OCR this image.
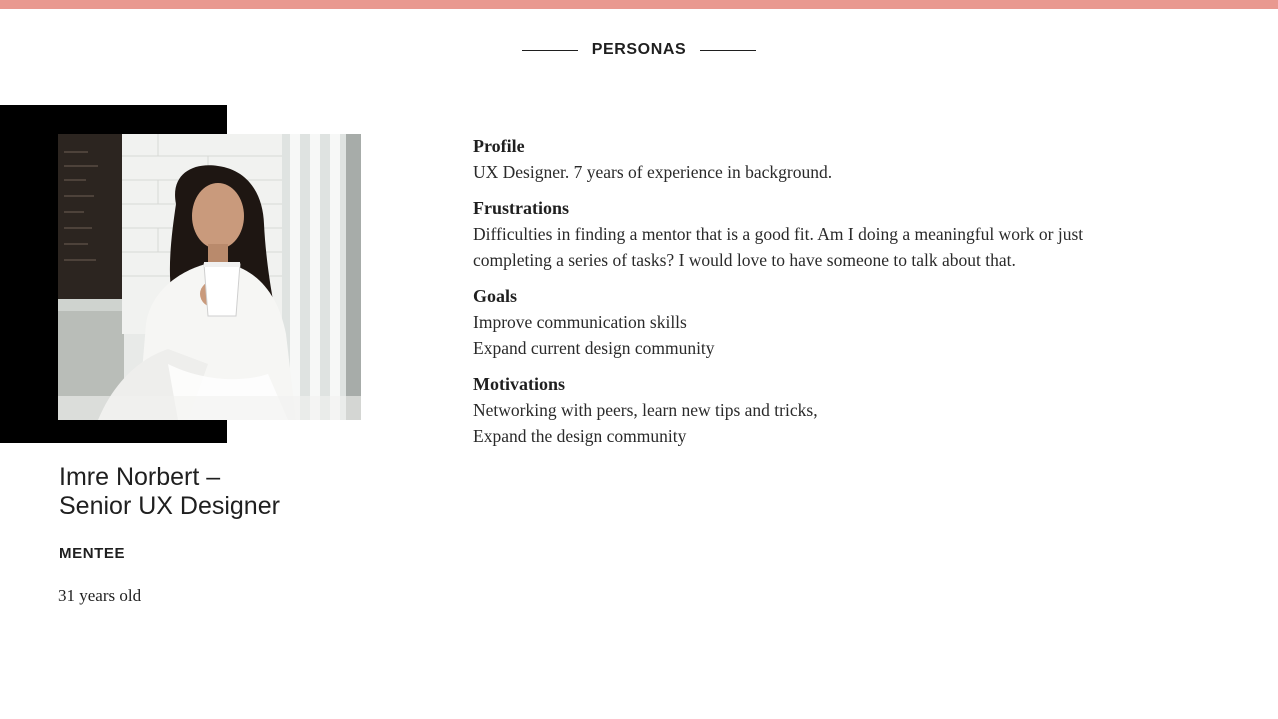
PERSONAS
Imre Norbert –
Senior UX Designer
MENTEE
31 years old

Profile

UX Designer. 7 years of experience in background.

Frustrations

Difficulties in finding a mentor that is a good fit. Am I doing a meaningful work or just

completing a series of tasks? I would love to have someone to talk about that.

Goals

Improve communication skills

Expand current design community

Motivations

Networking with peers, learn new tips and tricks,

Expand the design community
